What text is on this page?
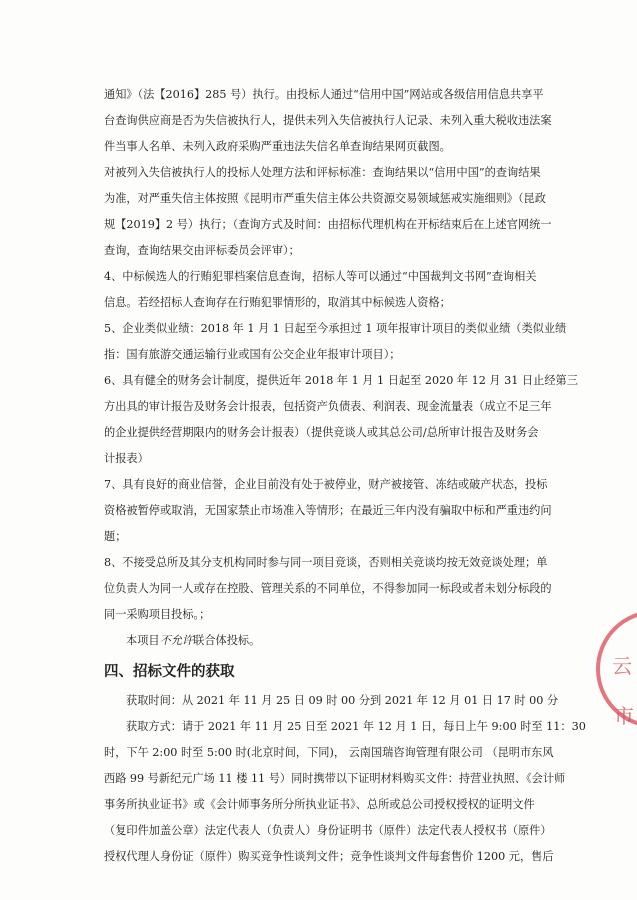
通知》（法【2016】285 号）执行。由投标人通过“信用中国”网站或各级信用信息共享平

台查询供应商是否为失信被执行人，提供未列入失信被执行人记录、未列入重大税收违法案

件当事人名单、未列入政府采购严重违法失信名单查询结果网页截图。

对被列入失信被执行人的投标人处理方法和评标标准：查询结果以“信用中国”的查询结果

为准，对严重失信主体按照《昆明市严重失信主体公共资源交易领域惩戒实施细则》（昆政

规【2019】2 号）执行；（查询方式及时间：由招标代理机构在开标结束后在上述官网统一

查询，查询结果交由评标委员会评审）；

4、中标候选人的行贿犯罪档案信息查询，招标人等可以通过“中国裁判文书网”查询相关

信息。若经招标人查询存在行贿犯罪情形的，取消其中标候选人资格；

5、企业类似业绩：2018 年 1 月 1 日起至今承担过 1 项年报审计项目的类似业绩（类似业绩

指：国有旅游交通运输行业或国有公交企业年报审计项目）；

6、具有健全的财务会计制度，提供近年 2018 年 1 月 1 日起至 2020 年 12 月 31 日止经第三

方出具的审计报告及财务会计报表，包括资产负债表、利润表、现金流量表（成立不足三年

的企业提供经营期限内的财务会计报表）（提供竞谈人或其总公司/总所审计报告及财务会

计报表）

7、具有良好的商业信誉，企业目前没有处于被停业，财产被接管、冻结或破产状态，投标

资格被暂停或取消，无国家禁止市场准入等情形；在最近三年内没有骗取中标和严重违约问

题；

8、不接受总所及其分支机构同时参与同一项目竞谈，否则相关竞谈均按无效竞谈处理；单

位负责人为同一人或存在控股、管理关系的不同单位，不得参加同一标段或者未划分标段的

同一采购项目投标。；

本项目不允许联合体投标。

四、招标文件的获取

获取时间：从 2021 年 11 月 25 日 09 时 00 分到 2021 年 12 月 01 日 17 时 00 分

获取方式：请于 2021 年 11 月 25 日至 2021 年 12 月 1 日，每日上午 9:00 时至 11：30

时，下午 2:00 时至 5:00 时(北京时间，下同)， 云南国瑞咨询管理有限公司 （昆明市东风

西路 99 号新纪元广场 11 楼 11 号）同时携带以下证明材料购买文件：持营业执照、《会计师

事务所执业证书》或《会计师事务所分所执业证书》、总所或总公司授权授权的证明文件

（复印件加盖公章）法定代表人（负责人）身份证明书（原件）法定代表人授权书（原件）

授权代理人身份证（原件）购买竞争性谈判文件；竞争性谈判文件每套售价 1200 元，售后

云
市
